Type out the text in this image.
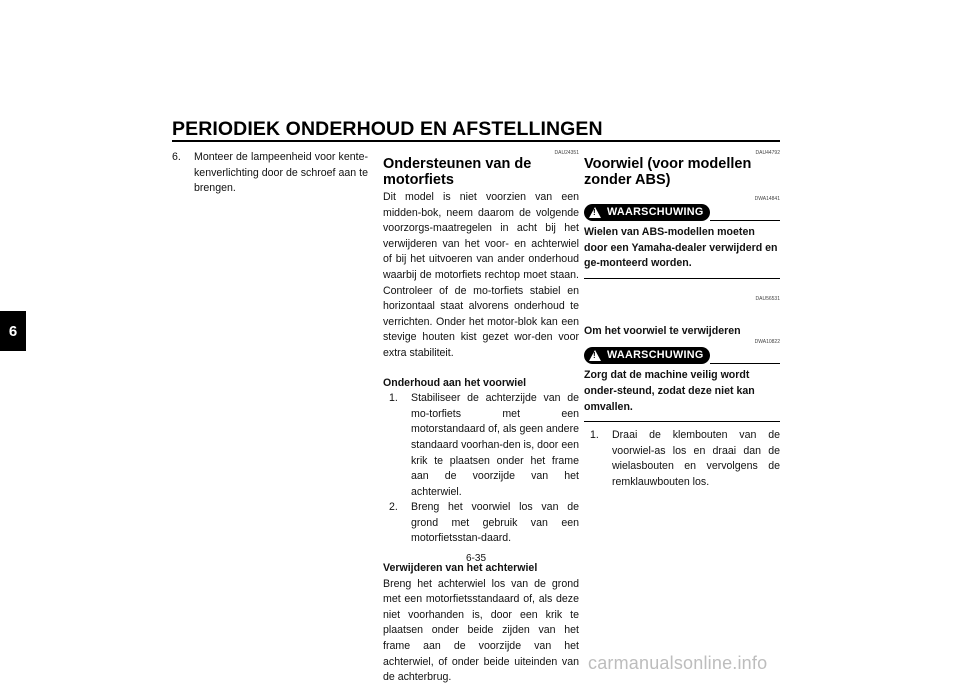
PERIODIEK ONDERHOUD EN AFSTELLINGEN
6
6.	Monteer de lampeenheid voor kente-kenverlichting door de schroef aan te brengen.
DAU24351
Ondersteunen van de motorfiets

Dit model is niet voorzien van een midden-bok, neem daarom de volgende voorzorgs-maatregelen in acht bij het verwijderen van het voor- en achterwiel of bij het uitvoeren van ander onderhoud waarbij de motorfiets rechtop moet staan. Controleer of de mo-torfiets stabiel en horizontaal staat alvorens onderhoud te verrichten. Onder het motor-blok kan een stevige houten kist gezet wor-den voor extra stabiliteit.

Onderhoud aan het voorwiel
1.	Stabiliseer de achterzijde van de mo-torfiets met een motorstandaard of, als geen andere standaard voorhan-den is, door een krik te plaatsen onder het frame aan de voorzijde van het achterwiel.
2.	Breng het voorwiel los van de grond met gebruik van een motorfietsstan-daard.
Verwijderen van het achterwiel

Breng het achterwiel los van de grond met een motorfietsstandaard of, als deze niet voorhanden is, door een krik te plaatsen onder beide zijden van het frame aan de voorzijde van het achterwiel, of onder beide uiteinden van de achterbrug.

DAU44792
Voorwiel (voor modellen zonder ABS)
DWA14841
! WAARSCHUWING
Wielen van ABS-modellen moeten door een Yamaha-dealer verwijderd en ge-monteerd worden.
DAU56531
Om het voorwiel te verwijderen
DWA10822
! WAARSCHUWING
Zorg dat de machine veilig wordt onder-steund, zodat deze niet kan omvallen.
1.	Draai de klembouten van de voorwiel-as los en draai dan de wielasbouten en vervolgens de remklauwbouten los.
6-35
carmanualsonline.info
